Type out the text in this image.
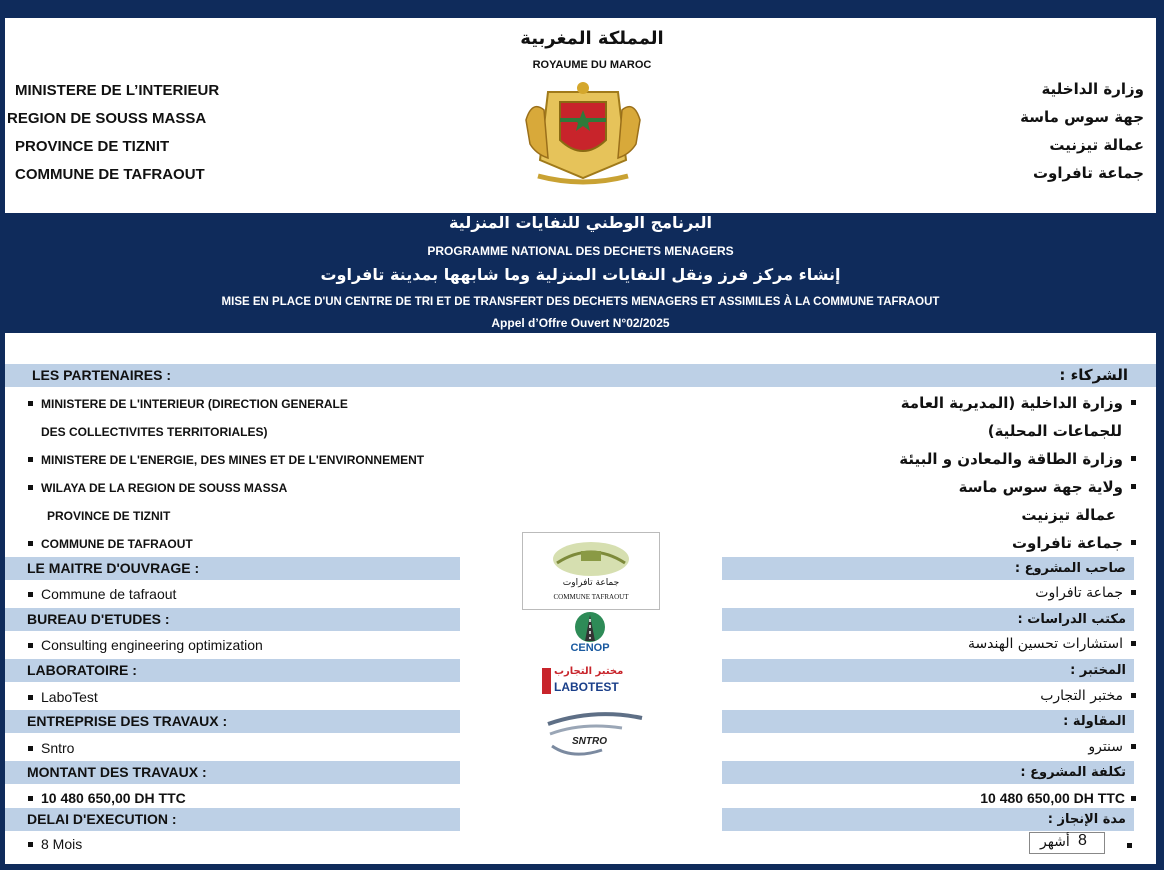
المملكة المغربية
ROYAUME DU MAROC
MINISTERE DE L’INTERIEUR
REGION DE SOUSS MASSA
PROVINCE DE TIZNIT
COMMUNE DE TAFRAOUT
وزارة الداخلية
جهة سوس ماسة
عمالة تيزنيت
جماعة تافراوت
البرنامج الوطني للنفايات المنزلية
PROGRAMME NATIONAL DES DECHETS MENAGERS
إنشاء مركز فرز ونقل النفايات المنزلية وما شابهها بمدينة تافراوت
MISE EN PLACE D'UN CENTRE DE TRI ET DE TRANSFERT DES DECHETS MENAGERS ET ASSIMILES À LA COMMUNE TAFRAOUT
Appel d’Offre Ouvert N°02/2025
LES PARTENAIRES :	الشركاء :
MINISTERE DE L'INTERIEUR (DIRECTION GENERALE
DES COLLECTIVITES TERRITORIALES)
MINISTERE DE L'ENERGIE, DES MINES ET DE L'ENVIRONNEMENT
WILAYA DE LA REGION DE SOUSS MASSA
PROVINCE DE TIZNIT
COMMUNE DE TAFRAOUT
وزارة الداخلية (المديرية العامة
للجماعات المحلية)
وزارة الطاقة والمعادن و البيئة
ولاية جهة سوس ماسة
عمالة تيزنيت
جماعة تافراوت
LE MAITRE D'OUVRAGE :
BUREAU D'ETUDES :
LABORATOIRE :
ENTREPRISE DES TRAVAUX :
MONTANT DES TRAVAUX :
DELAI D'EXECUTION :
صاحب المشروع :
مكتب الدراسات :
المختبر :
المقاولة :
تكلفة المشروع :
مدة الإنجاز :
Commune de tafraout
Consulting engineering optimization
LaboTest
Sntro
10 480 650,00 DH TTC
8 Mois
جماعة تافراوت
استشارات تحسين الهندسة
مختبر التجارب
سنترو
10 480 650,00 DH TTC
أشهر 8
جماعة تافراوت
COMMUNE TAFRAOUT
CENOP
مختبر التجارب
LABOTEST
SNTRO
